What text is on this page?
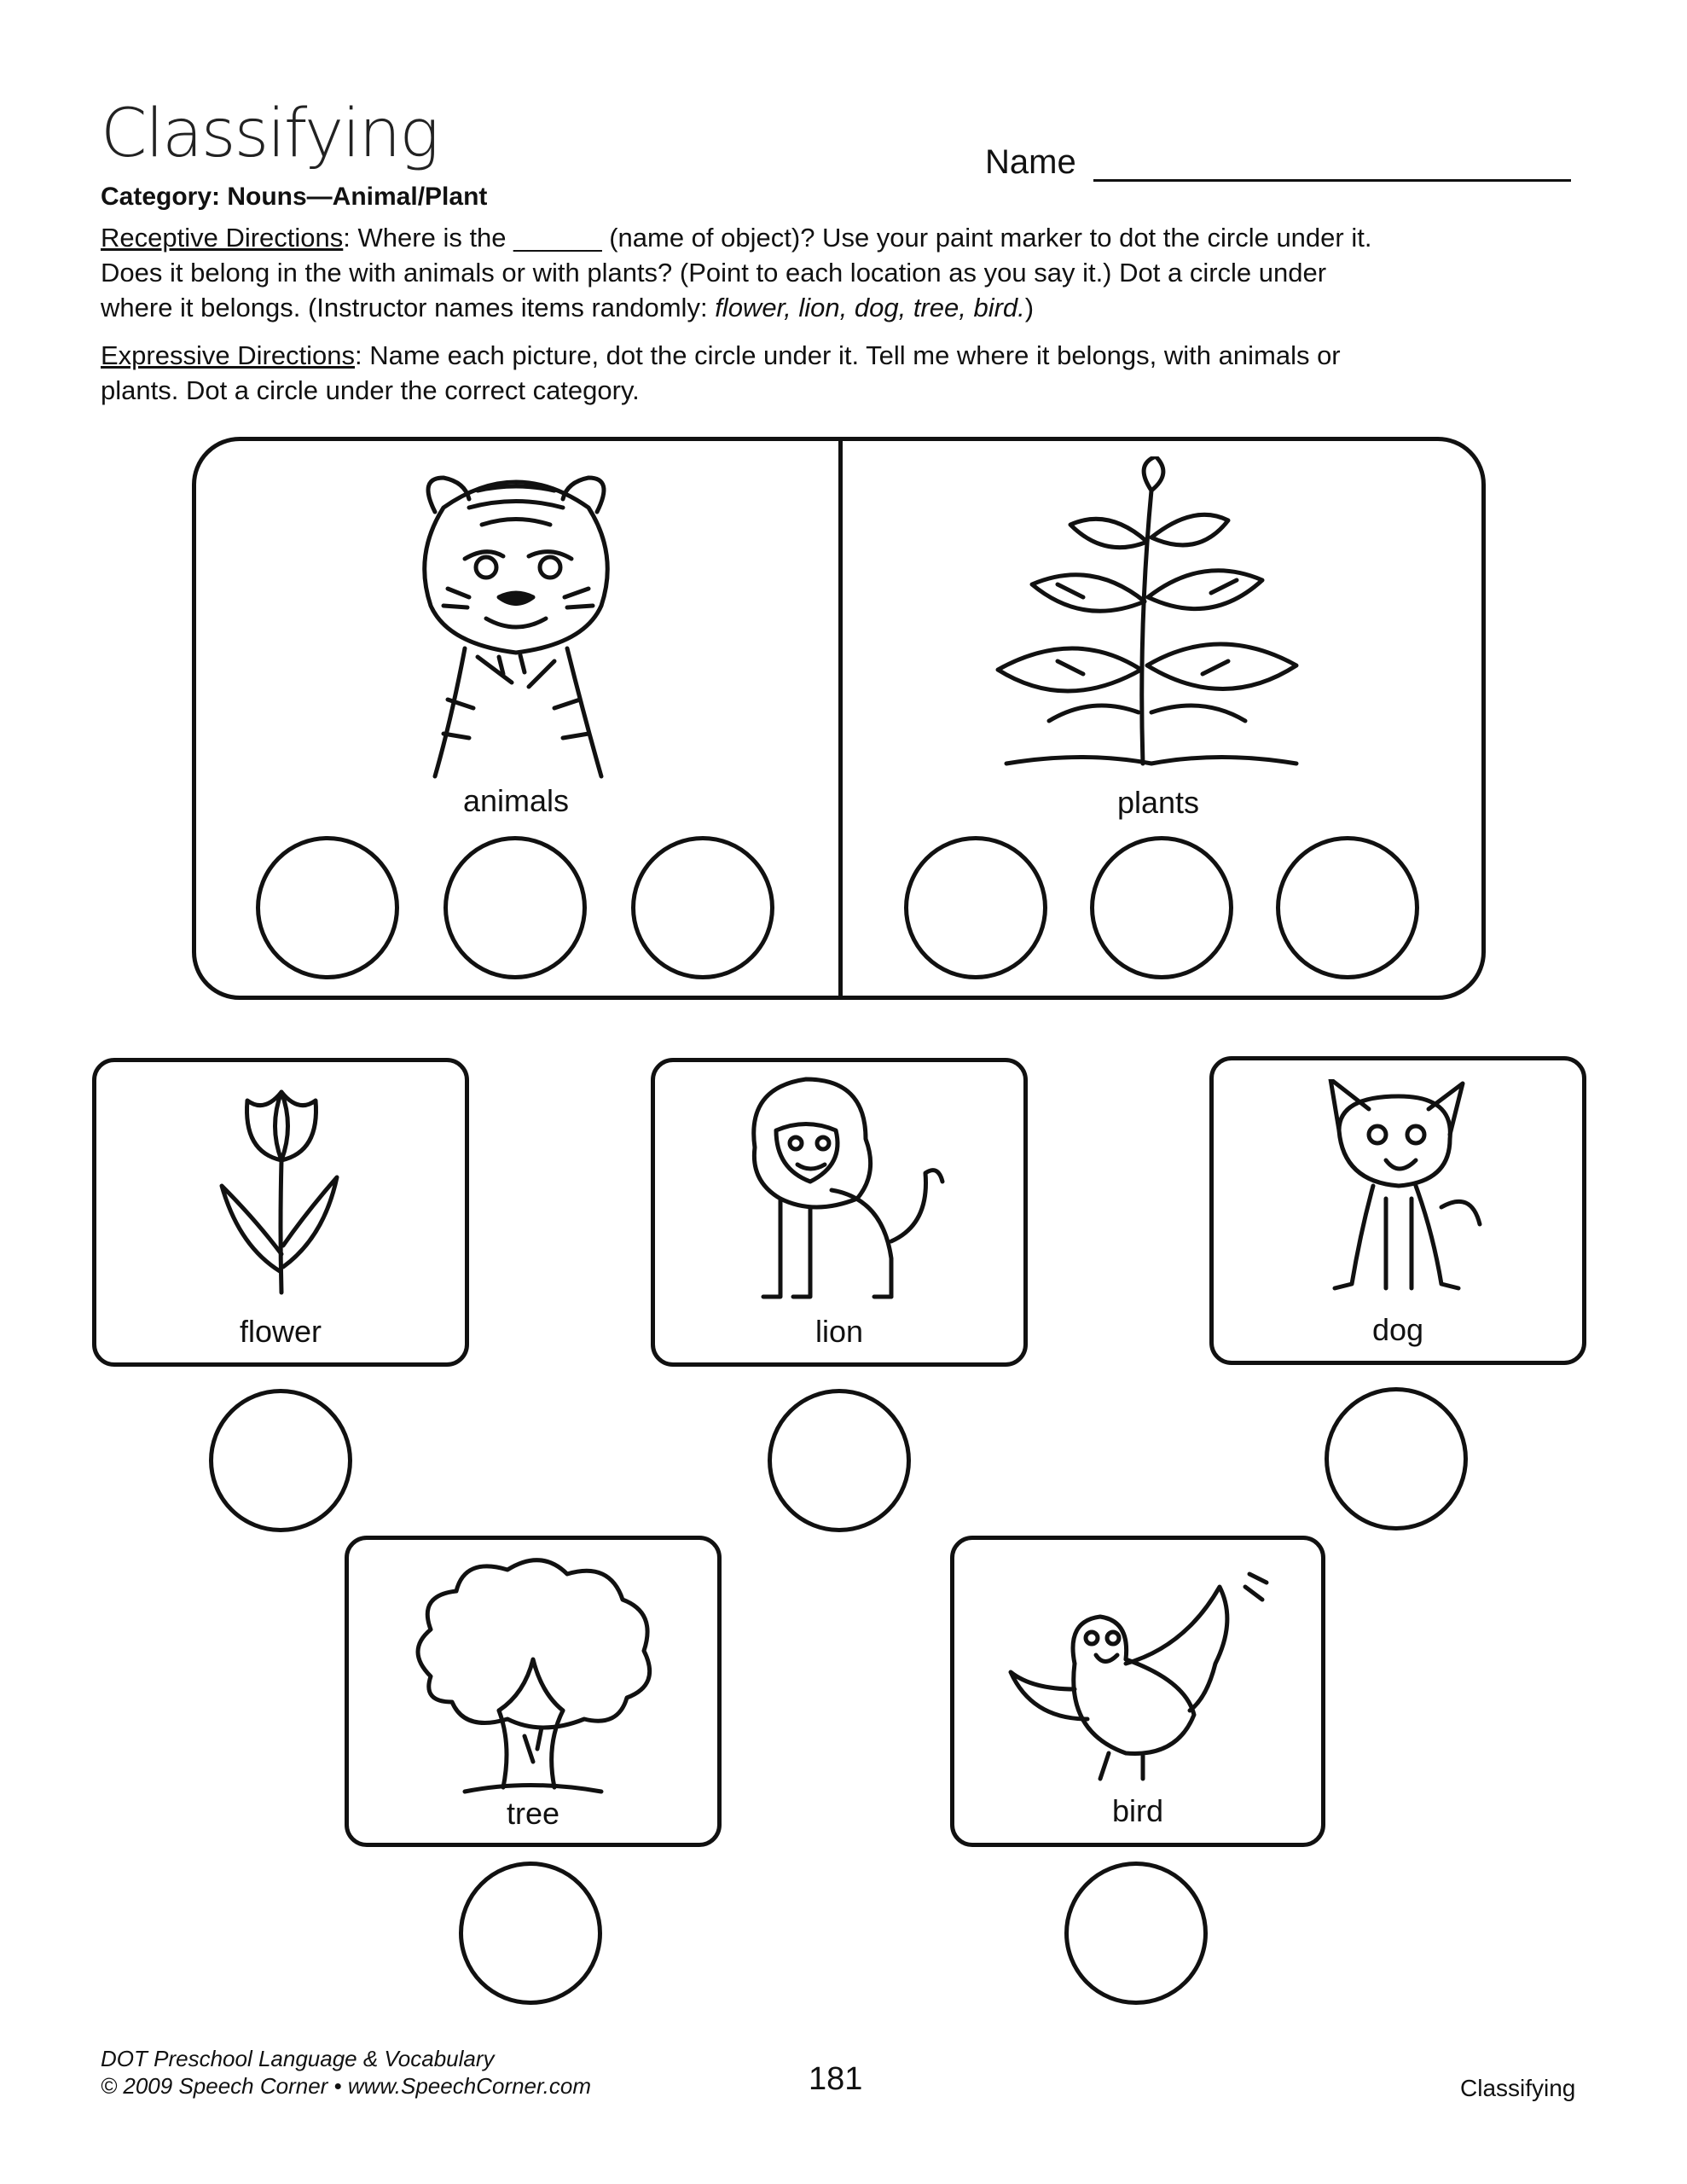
Classifying	Name
Category: Nouns—Animal/Plant
Receptive Directions: Where is the ______ (name of object)? Use your paint marker to dot the circle under it.
Does it belong in the with animals or with plants? (Point to each location as you say it.) Dot a circle under
where it belongs. (Instructor names items randomly: flower, lion, dog, tree, bird.)
Expressive Directions: Name each picture, dot the circle under it. Tell me where it belongs, with animals or
plants. Dot a circle under the correct category.
animals	plants
flower	lion	dog
tree	bird
DOT Preschool Language & Vocabulary
© 2009 Speech Corner • www.SpeechCorner.com	181	Classifying
